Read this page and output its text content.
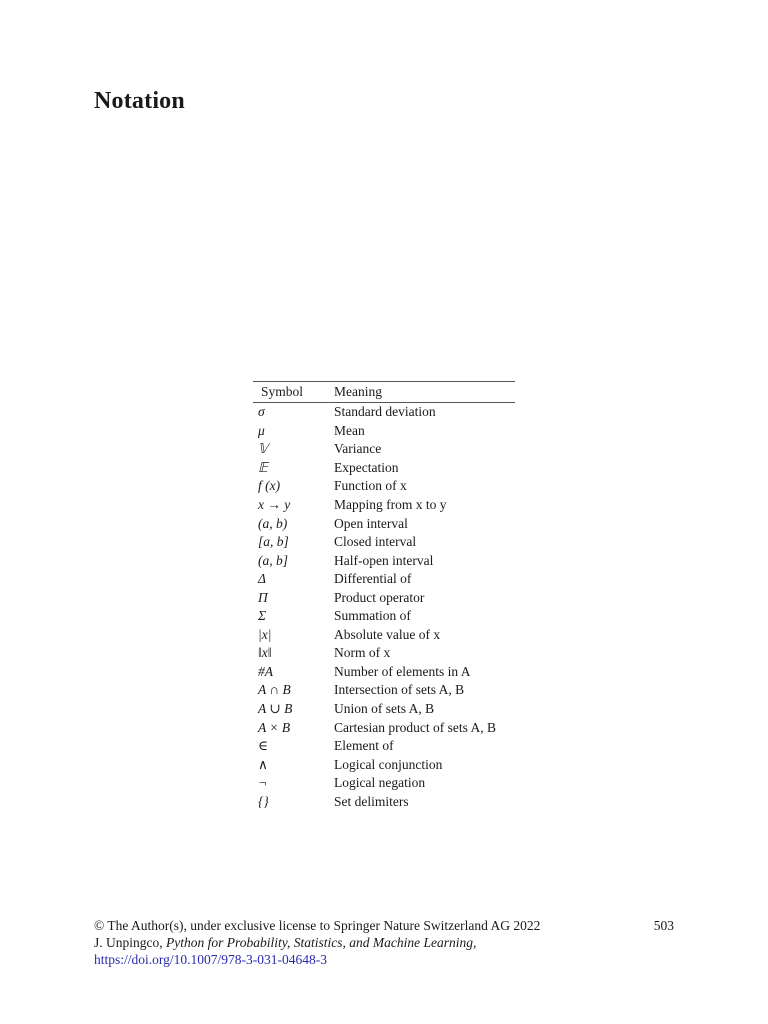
Notation
Symbol	Meaning
σ	Standard deviation
μ	Mean
𝕍	Variance
𝔼	Expectation
f (x)	Function of x
x → y	Mapping from x to y
(a, b)	Open interval
[a, b]	Closed interval
(a, b]	Half-open interval
Δ	Differential of
Π	Product operator
Σ	Summation of
|x|	Absolute value of x
‖x‖	Norm of x
#A	Number of elements in A
A ∩ B	Intersection of sets A, B
A ∪ B	Union of sets A, B
A × B	Cartesian product of sets A, B
∈	Element of
∧	Logical conjunction
¬	Logical negation
{}	Set delimiters
© The Author(s), under exclusive license to Springer Nature Switzerland AG 2022
J. Unpingco, Python for Probability, Statistics, and Machine Learning,
https://doi.org/10.1007/978-3-031-04648-3
503
